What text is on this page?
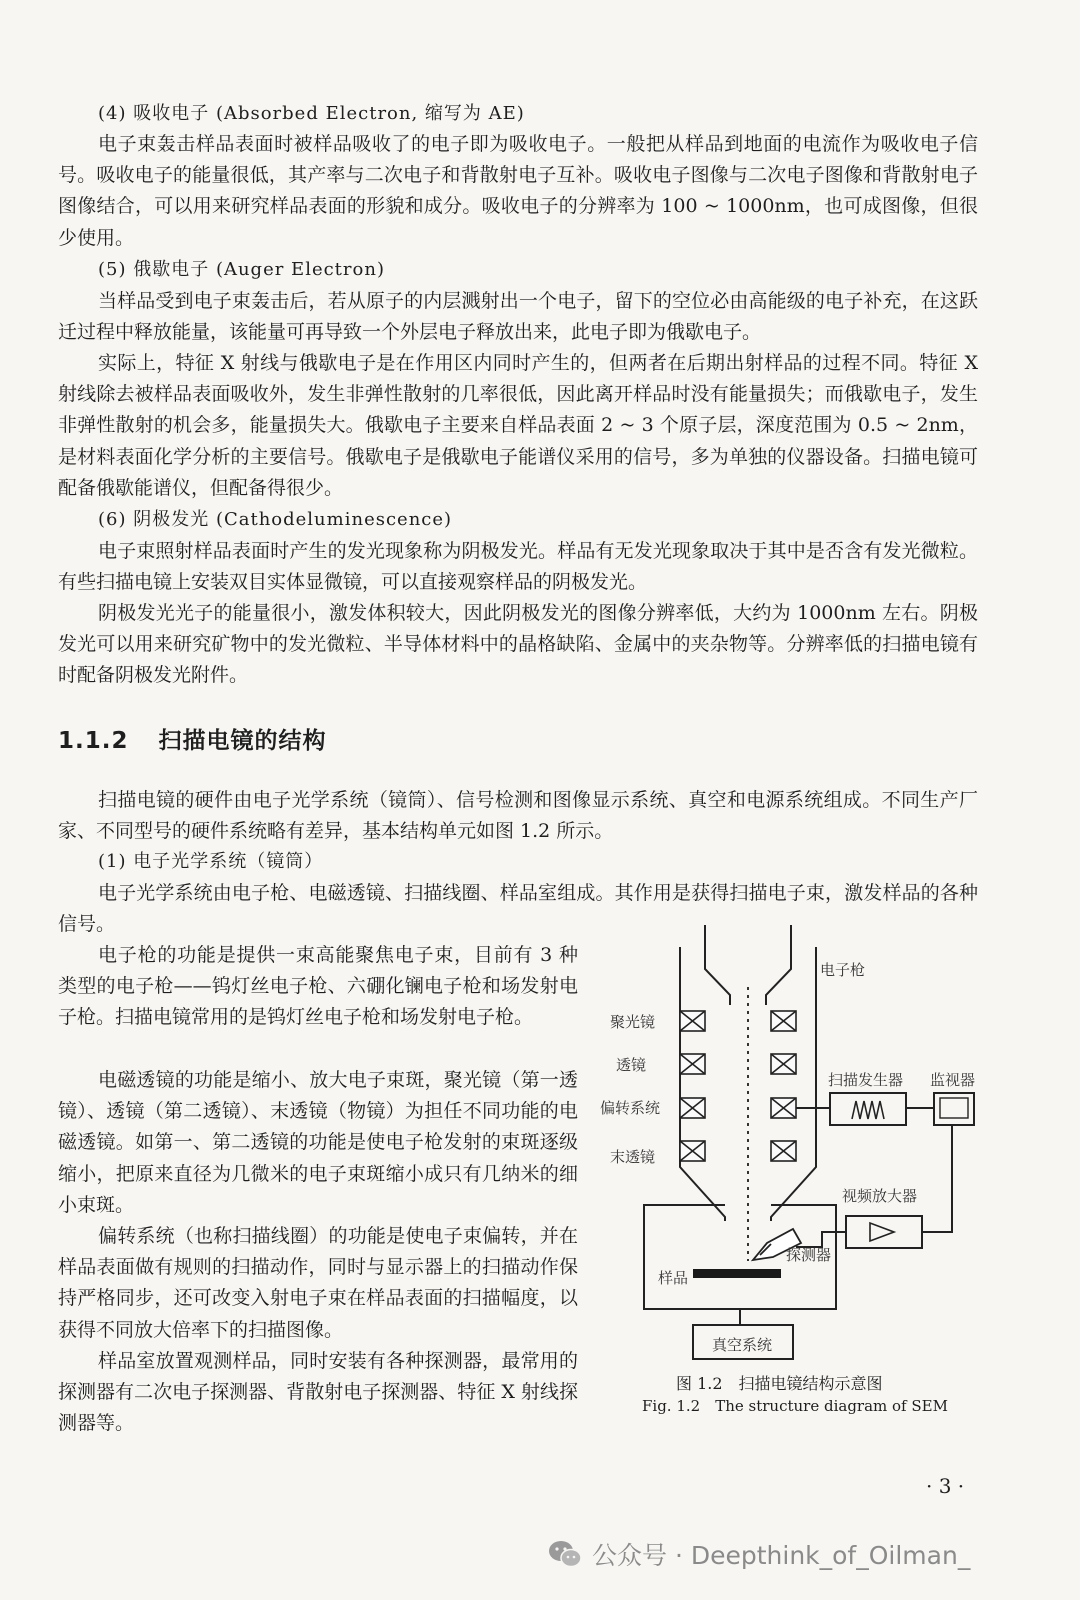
(4) 吸收电子 (Absorbed Electron, 缩写为 AE)

电子束轰击样品表面时被样品吸收了的电子即为吸收电子。一般把从样品到地面的电流作为吸收电子信号。吸收电子的能量很低，其产率与二次电子和背散射电子互补。吸收电子图像与二次电子图像和背散射电子图像结合，可以用来研究样品表面的形貌和成分。吸收电子的分辨率为 100 ~ 1000nm，也可成图像，但很少使用。

(5) 俄歇电子 (Auger Electron)

当样品受到电子束轰击后，若从原子的内层溅射出一个电子，留下的空位必由高能级的电子补充，在这跃迁过程中释放能量，该能量可再导致一个外层电子释放出来，此电子即为俄歇电子。

实际上，特征 X 射线与俄歇电子是在作用区内同时产生的，但两者在后期出射样品的过程不同。特征 X 射线除去被样品表面吸收外，发生非弹性散射的几率很低，因此离开样品时没有能量损失；而俄歇电子，发生非弹性散射的机会多，能量损失大。俄歇电子主要来自样品表面 2 ~ 3 个原子层，深度范围为 0.5 ~ 2nm，是材料表面化学分析的主要信号。俄歇电子是俄歇电子能谱仪采用的信号，多为单独的仪器设备。扫描电镜可配备俄歇能谱仪，但配备得很少。

(6) 阴极发光 (Cathodeluminescence)

电子束照射样品表面时产生的发光现象称为阴极发光。样品有无发光现象取决于其中是否含有发光微粒。有些扫描电镜上安装双目实体显微镜，可以直接观察样品的阴极发光。

阴极发光光子的能量很小，激发体积较大，因此阴极发光的图像分辨率低，大约为 1000nm 左右。阴极发光可以用来研究矿物中的发光微粒、半导体材料中的晶格缺陷、金属中的夹杂物等。分辨率低的扫描电镜有时配备阴极发光附件。

1.1.2 扫描电镜的结构

扫描电镜的硬件由电子光学系统（镜筒）、信号检测和图像显示系统、真空和电源系统组成。不同生产厂家、不同型号的硬件系统略有差异，基本结构单元如图 1.2 所示。

(1) 电子光学系统（镜筒）

电子光学系统由电子枪、电磁透镜、扫描线圈、样品室组成。其作用是获得扫描电子束，激发样品的各种信号。

电子枪的功能是提供一束高能聚焦电子束，目前有 3 种类型的电子枪——钨灯丝电子枪、六硼化镧电子枪和场发射电子枪。扫描电镜常用的是钨灯丝电子枪和场发射电子枪。

电磁透镜的功能是缩小、放大电子束斑，聚光镜（第一透镜）、透镜（第二透镜）、末透镜（物镜）为担任不同功能的电磁透镜。如第一、第二透镜的功能是使电子枪发射的束斑逐级缩小，把原来直径为几微米的电子束斑缩小成只有几纳米的细小束斑。

偏转系统（也称扫描线圈）的功能是使电子束偏转，并在样品表面做有规则的扫描动作，同时与显示器上的扫描动作保持严格同步，还可改变入射电子束在样品表面的扫描幅度，以获得不同放大倍率下的扫描图像。

样品室放置观测样品，同时安装有各种探测器，最常用的探测器有二次电子探测器、背散射电子探测器、特征 X 射线探测器等。

电子枪
聚光镜
透镜
偏转系统
末透镜
扫描发生器 监视器
视频放大器
探测器
样品
真空系统
图 1.2　扫描电镜结构示意图
Fig. 1.2　The structure diagram of SEM
· 3 ·
公众号 · Deepthink_of_Oilman_
